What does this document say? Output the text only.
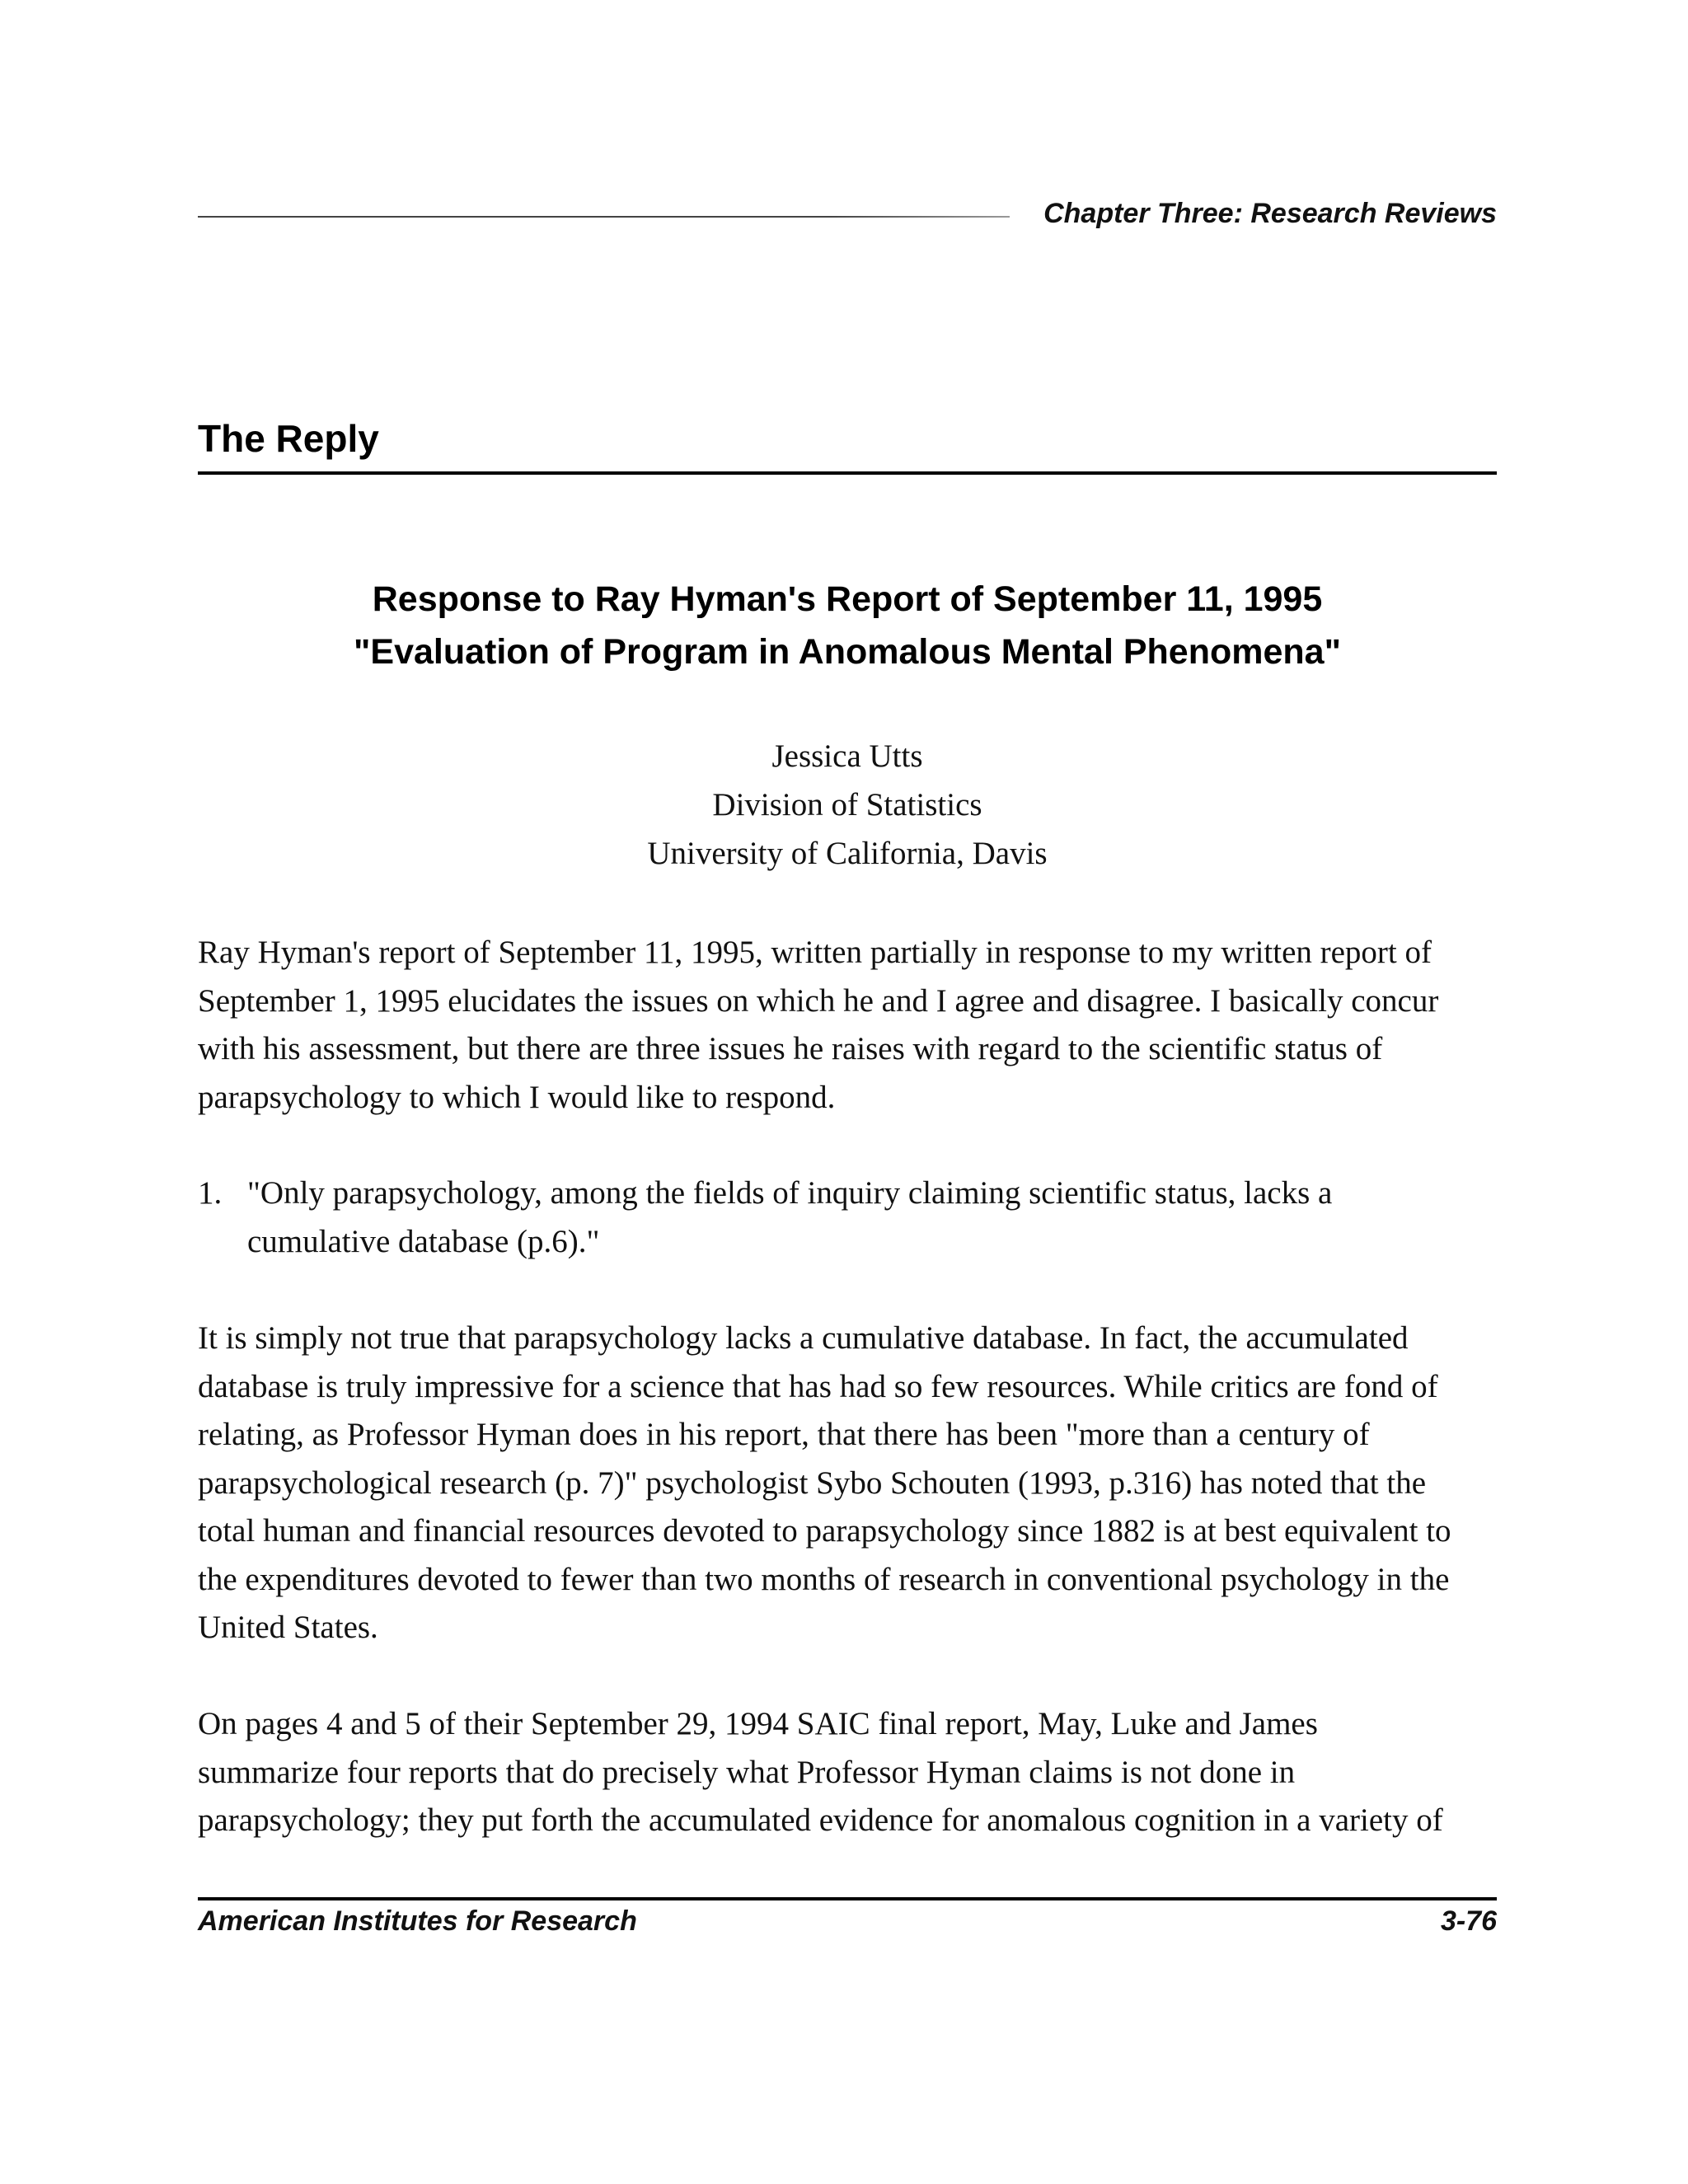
Chapter Three: Research Reviews
The Reply
Response to Ray Hyman's Report of September 11, 1995
"Evaluation of Program in Anomalous Mental Phenomena"
Jessica Utts
Division of Statistics
University of California, Davis
Ray Hyman's report of September 11, 1995, written partially in response to my written report of
September 1, 1995 elucidates the issues on which he and I agree and disagree. I basically concur
with his assessment, but there are three issues he raises with regard to the scientific status of
parapsychology to which I would like to respond.
1. "Only parapsychology, among the fields of inquiry claiming scientific status, lacks a
cumulative database (p.6)."
It is simply not true that parapsychology lacks a cumulative database. In fact, the accumulated
database is truly impressive for a science that has had so few resources. While critics are fond of
relating, as Professor Hyman does in his report, that there has been "more than a century of
parapsychological research (p. 7)" psychologist Sybo Schouten (1993, p.316) has noted that the
total human and financial resources devoted to parapsychology since 1882 is at best equivalent to
the expenditures devoted to fewer than two months of research in conventional psychology in the
United States.
On pages 4 and 5 of their September 29, 1994 SAIC final report, May, Luke and James
summarize four reports that do precisely what Professor Hyman claims is not done in
parapsychology; they put forth the accumulated evidence for anomalous cognition in a variety of
American Institutes for Research	3-76
